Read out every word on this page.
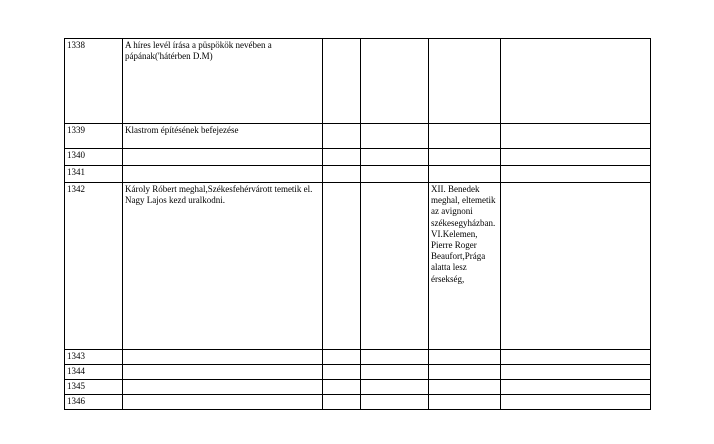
1338	A híres levél írása a püspökök nevében a pápának('hátérben D.M)				
1339	Klastrom építésének befejezése				
1340					
1341					
1342	Károly Róbert meghal,Székesfehérvárott temetik el. Nagy Lajos kezd uralkodni.			XII. Benedek meghal, eltemetik az avignoni székesegyházban.VI.Kelemen, Pierre Roger Beaufort,Prága alatta lesz érsekség,	
1343					
1344					
1345					
1346					
